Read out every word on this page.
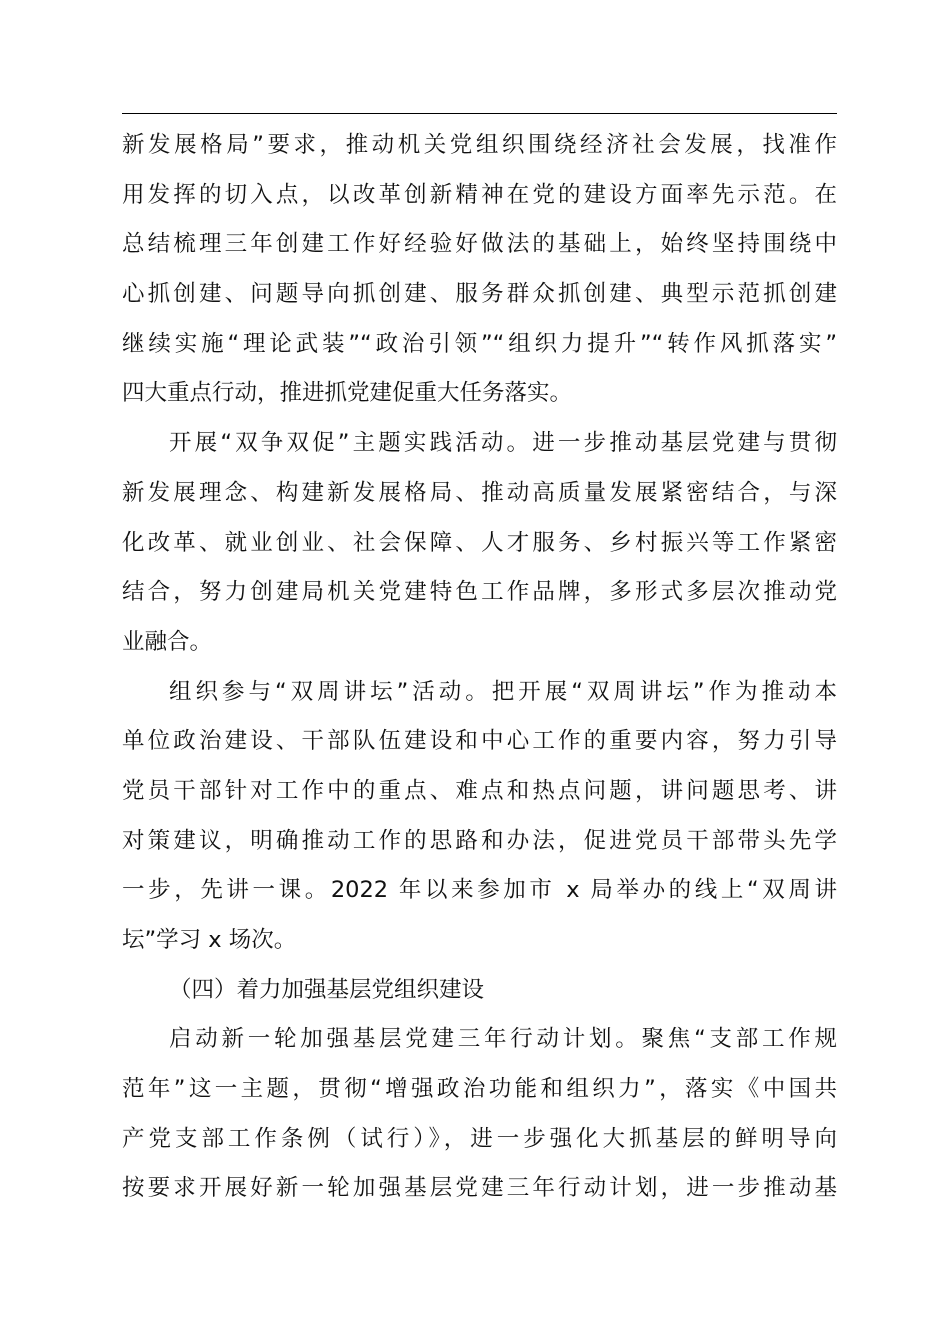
新发展格局”要求，推动机关党组织围绕经济社会发展，找准作
用发挥的切入点，以改革创新精神在党的建设方面率先示范。在
总结梳理三年创建工作好经验好做法的基础上，始终坚持围绕中
心抓创建、问题导向抓创建、服务群众抓创建、典型示范抓创建
继续实施“理论武装”“政治引领”“组织力提升”“转作风抓落实”
四大重点行动，推进抓党建促重大任务落实。
开展“双争双促”主题实践活动。进一步推动基层党建与贯彻
新发展理念、构建新发展格局、推动高质量发展紧密结合，与深
化改革、就业创业、社会保障、人才服务、乡村振兴等工作紧密
结合，努力创建局机关党建特色工作品牌，多形式多层次推动党
业融合。
组织参与“双周讲坛”活动。把开展“双周讲坛”作为推动本
单位政治建设、干部队伍建设和中心工作的重要内容，努力引导
党员干部针对工作中的重点、难点和热点问题，讲问题思考、讲
对策建议，明确推动工作的思路和办法，促进党员干部带头先学
一步，先讲一课。2022 年以来参加市 x 局举办的线上“双周讲
坛”学习 x 场次。
（四）着力加强基层党组织建设
启动新一轮加强基层党建三年行动计划。聚焦“支部工作规
范年”这一主题，贯彻“增强政治功能和组织力”，落实《中国共
产党支部工作条例（试行）》，进一步强化大抓基层的鲜明导向
按要求开展好新一轮加强基层党建三年行动计划，进一步推动基
